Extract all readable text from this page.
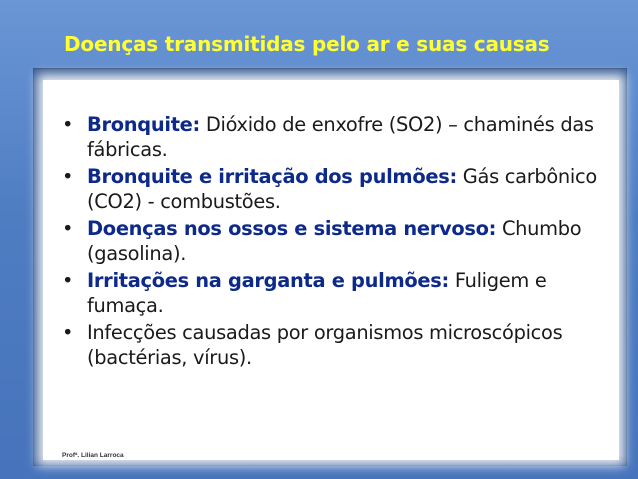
Doenças transmitidas pelo ar e suas causas
• Bronquite: Dióxido de enxofre (SO2) – chaminés das fábricas.
• Bronquite e irritação dos pulmões: Gás carbônico (CO2) - combustões.
• Doenças nos ossos e sistema nervoso: Chumbo (gasolina).
• Irritações na garganta e pulmões: Fuligem e fumaça.
• Infecções causadas por organismos microscópicos (bactérias, vírus).
Profª. Lilian Larroca
